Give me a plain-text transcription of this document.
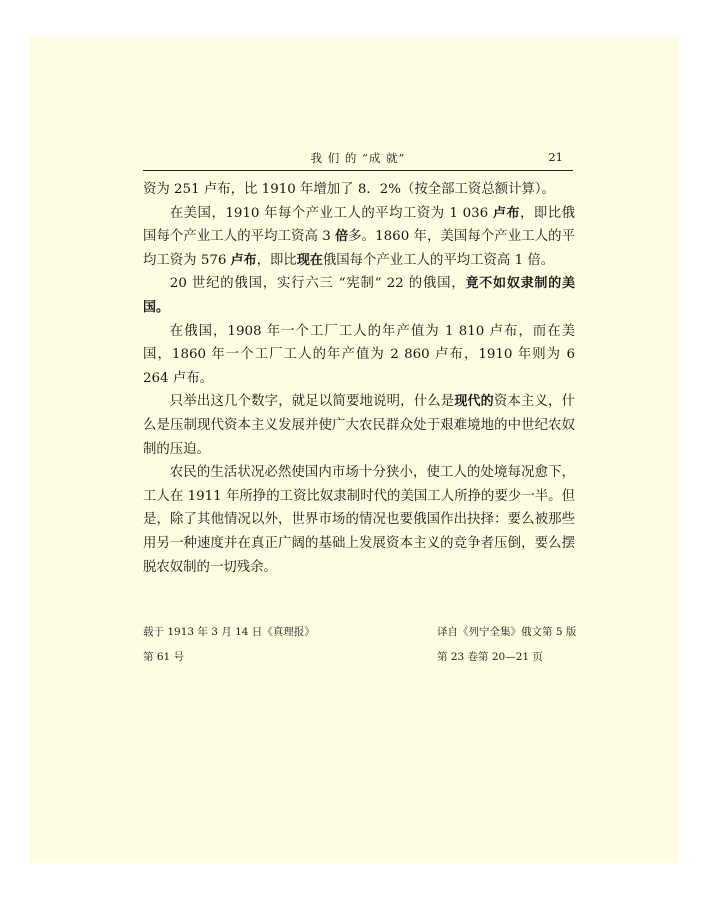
我 们 的 “成 就”	21

资为 251 卢布，比 1910 年增加了 8．2%（按全部工资总额计算）。

在美国，1910 年每个产业工人的平均工资为 1 036 卢布，即比俄国每个产业工人的平均工资高 3 倍多。1860 年，美国每个产业工人的平均工资为 576 卢布，即比现在俄国每个产业工人的平均工资高 1 倍。

20 世纪的俄国，实行六三 “宪制” 22 的俄国，竟不如奴隶制的美国。

在俄国，1908 年一个工厂工人的年产值为 1 810 卢布，而在美国，1860 年一个工厂工人的年产值为 2 860 卢布，1910 年则为 6 264 卢布。

只举出这几个数字，就足以简要地说明，什么是现代的资本主义，什么是压制现代资本主义发展并使广大农民群众处于艰难境地的中世纪农奴制的压迫。

农民的生活状况必然使国内市场十分狭小，使工人的处境每况愈下，工人在 1911 年所挣的工资比奴隶制时代的美国工人所挣的要少一半。但是，除了其他情况以外，世界市场的情况也要俄国作出抉择：要么被那些用另一种速度并在真正广阔的基础上发展资本主义的竞争者压倒，要么摆脱农奴制的一切残余。

载于 1913 年 3 月 14 日《真理报》
第 61 号
译自《列宁全集》俄文第 5 版
第 23 卷第 20—21 页
